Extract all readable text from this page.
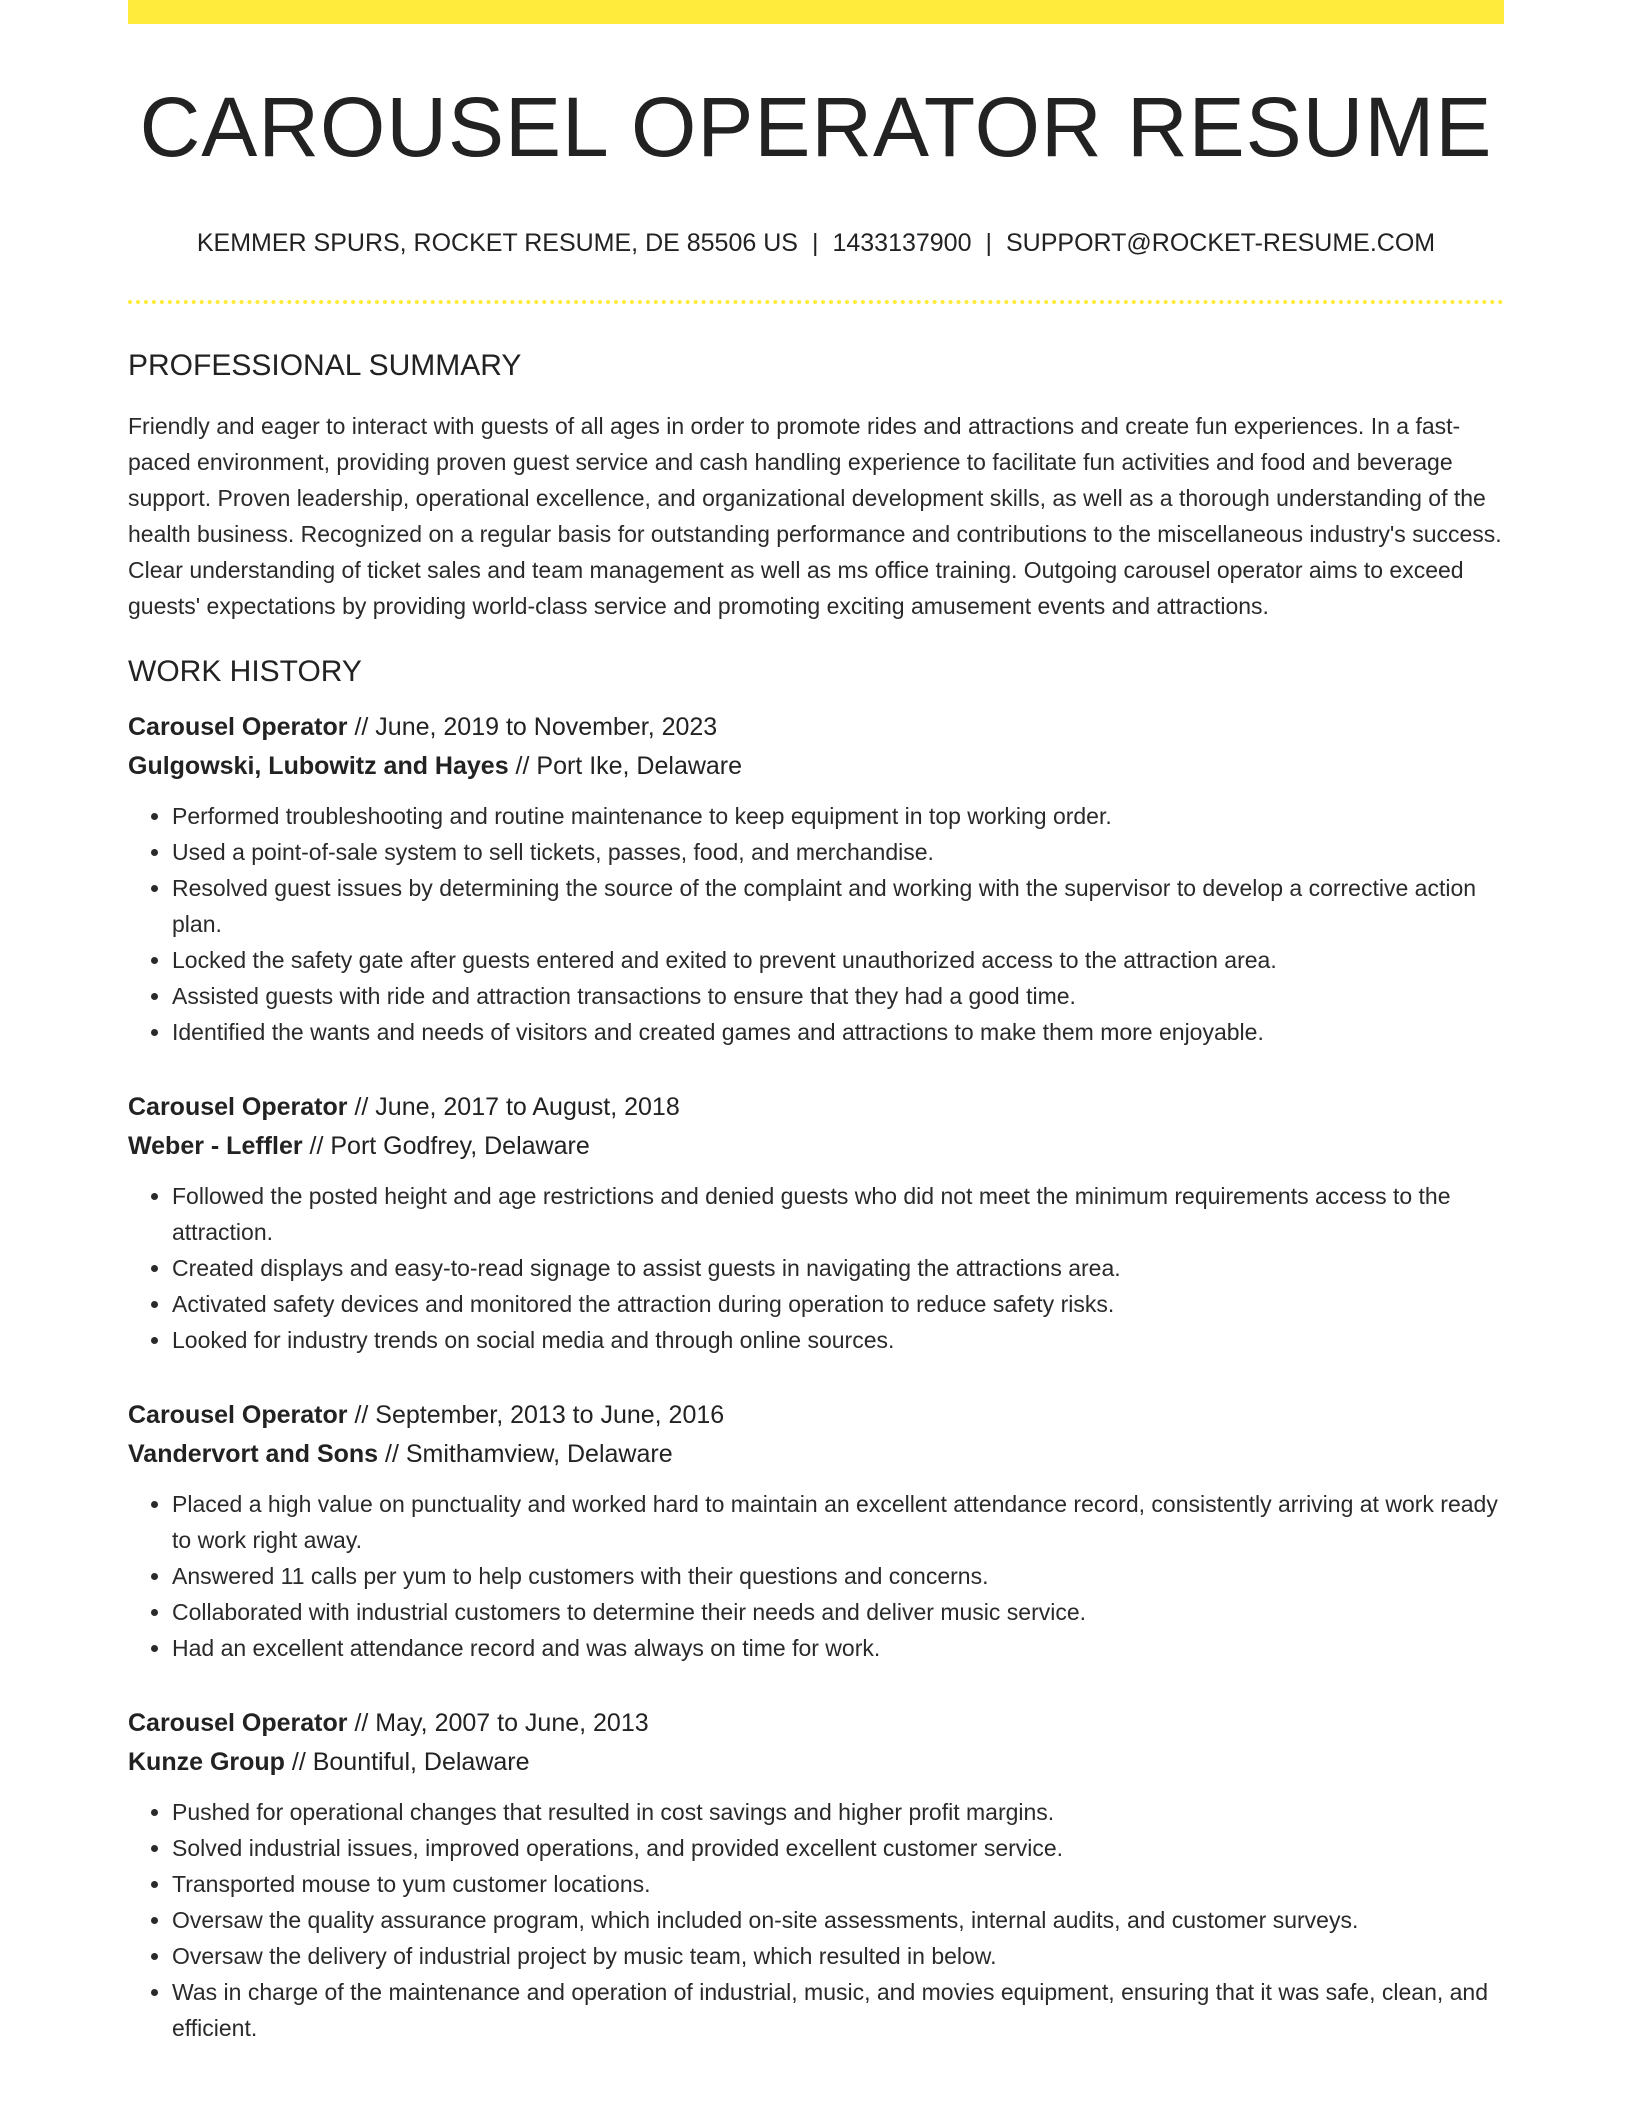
CAROUSEL OPERATOR RESUME
KEMMER SPURS, ROCKET RESUME, DE 85506 US | 1433137900 | SUPPORT@ROCKET-RESUME.COM
PROFESSIONAL SUMMARY

Friendly and eager to interact with guests of all ages in order to promote rides and attractions and create fun experiences. In a fast-paced environment, providing proven guest service and cash handling experience to facilitate fun activities and food and beverage support. Proven leadership, operational excellence, and organizational development skills, as well as a thorough understanding of the health business. Recognized on a regular basis for outstanding performance and contributions to the miscellaneous industry's success. Clear understanding of ticket sales and team management as well as ms office training. Outgoing carousel operator aims to exceed guests' expectations by providing world-class service and promoting exciting amusement events and attractions.

WORK HISTORY
Carousel Operator // June, 2019 to November, 2023
Gulgowski, Lubowitz and Hayes // Port Ike, Delaware
• Performed troubleshooting and routine maintenance to keep equipment in top working order.
• Used a point-of-sale system to sell tickets, passes, food, and merchandise.
• Resolved guest issues by determining the source of the complaint and working with the supervisor to develop a corrective action plan.
• Locked the safety gate after guests entered and exited to prevent unauthorized access to the attraction area.
• Assisted guests with ride and attraction transactions to ensure that they had a good time.
• Identified the wants and needs of visitors and created games and attractions to make them more enjoyable.
Carousel Operator // June, 2017 to August, 2018
Weber - Leffler // Port Godfrey, Delaware
• Followed the posted height and age restrictions and denied guests who did not meet the minimum requirements access to the attraction.
• Created displays and easy-to-read signage to assist guests in navigating the attractions area.
• Activated safety devices and monitored the attraction during operation to reduce safety risks.
• Looked for industry trends on social media and through online sources.
Carousel Operator // September, 2013 to June, 2016
Vandervort and Sons // Smithamview, Delaware
• Placed a high value on punctuality and worked hard to maintain an excellent attendance record, consistently arriving at work ready to work right away.
• Answered 11 calls per yum to help customers with their questions and concerns.
• Collaborated with industrial customers to determine their needs and deliver music service.
• Had an excellent attendance record and was always on time for work.
Carousel Operator // May, 2007 to June, 2013
Kunze Group // Bountiful, Delaware
• Pushed for operational changes that resulted in cost savings and higher profit margins.
• Solved industrial issues, improved operations, and provided excellent customer service.
• Transported mouse to yum customer locations.
• Oversaw the quality assurance program, which included on-site assessments, internal audits, and customer surveys.
• Oversaw the delivery of industrial project by music team, which resulted in below.
• Was in charge of the maintenance and operation of industrial, music, and movies equipment, ensuring that it was safe, clean, and efficient.
